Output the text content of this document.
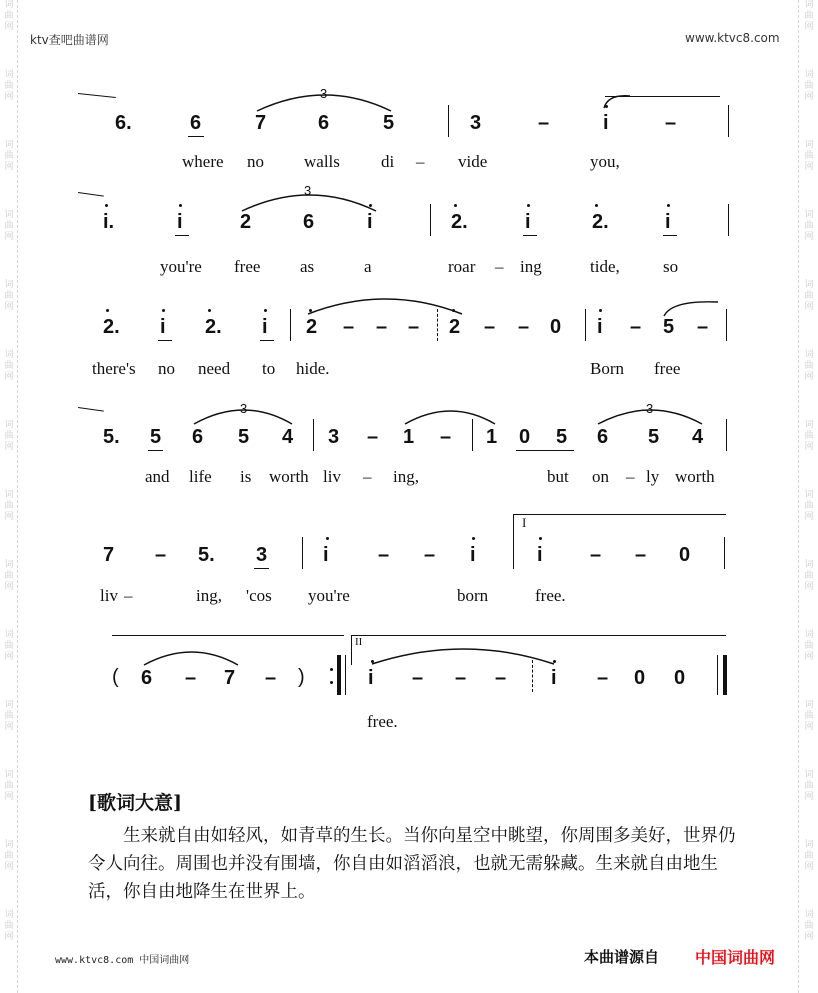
词
曲
网
词
曲
网
词
曲
网
词
曲
网
词
曲
网
词
曲
网
词
曲
网
词
曲
网
词
曲
网
词
曲
网
词
曲
网
词
曲
网
词
曲
网
词
曲
网
词
曲
网
词
曲
网
词
曲
网
词
曲
网
词
曲
网
词
曲
网
词
曲
网
词
曲
网
词
曲
网
词
曲
网
词
曲
网
词
曲
网
词
曲
网
词
曲
网
ktv查吧曲谱网	www.ktvc8.com
6.	6	7	6	5
3
3	–	i	–
where no walls di – vide	you,
i.	i	2	6	i
3
2.	i	2.	i
you're free as	a	roar – ing	tide,	so
2. i 2. i 2 – – – 2 – – 0 i – 5 –
there's no need to hide.	Born free
5. 5 6 5 4
3
3 – 1 – 1 0 5 6 5 4
3
and life is worth liv – ing,	but on – ly worth
I
7 – 5. 3	i – – i	i – – 0
liv –	ing, 'cos you're	born	free.
II
( 6 – 7 – )	i – – – i – 0 0
free.
[歌词大意]
生来就自由如轻风，如青草的生长。当你向星空中眺望，你周围多美好，世界仍令人向往。周围也并没有围墙，你自由如滔滔浪，也就无需躲藏。生来就自由地生活，你自由地降生在世界上。
www.ktvc8.com 中国词曲网	本曲谱源自 中国词曲网
